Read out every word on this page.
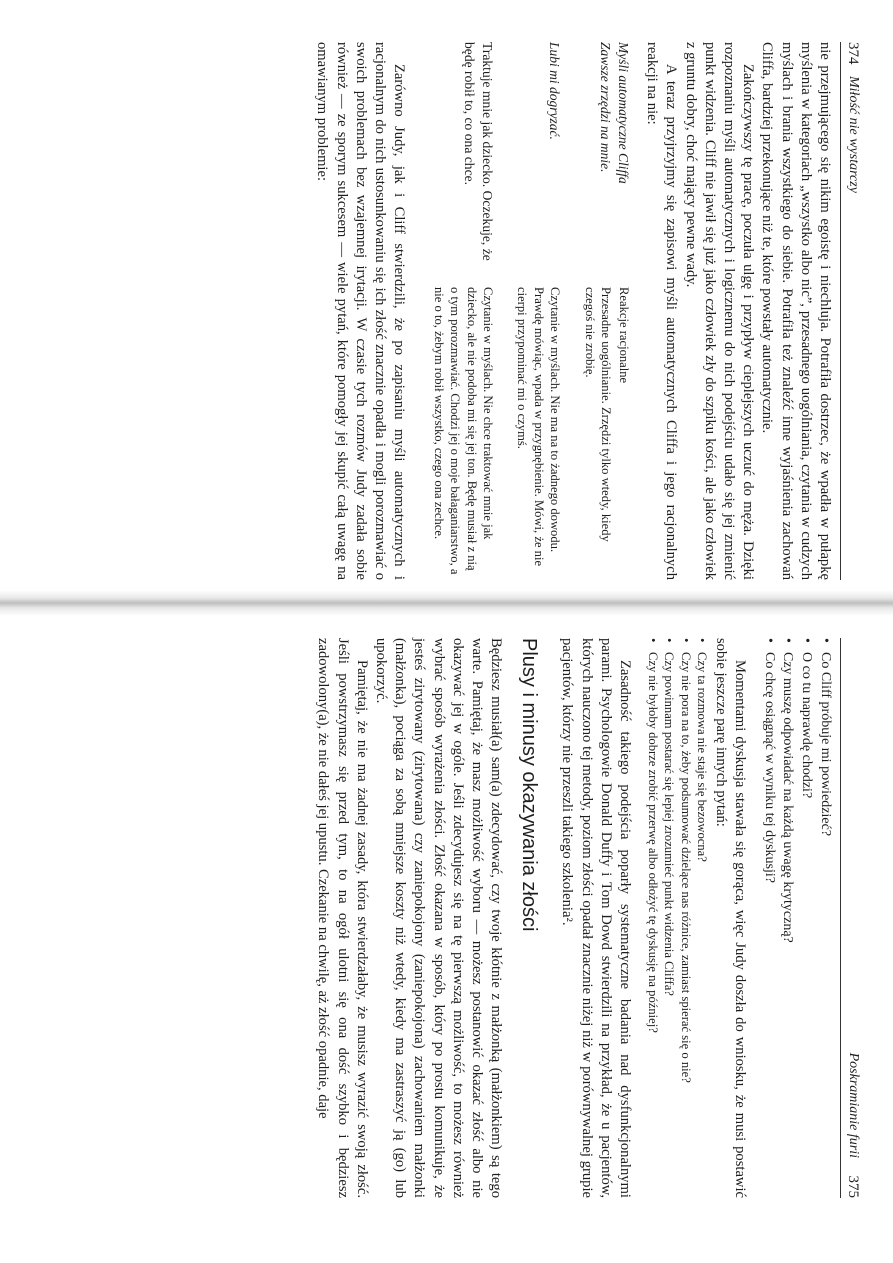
374
Miłość nie wystarczy

nie przejmującego się nikim egoistę i niechluja. Potrafiła dostrzec, że wpadła w pułapkę myślenia w kategoriach „wszystko albo nic”, przesadnego uogólniania, czytania w cudzych myślach i brania wszystkiego do siebie. Potrafiła też znaleźć inne wyjaśnienia zachowań Cliffa, bardziej przekonujące niż te, które powstały automatycznie.

Zakończywszy tę pracę, poczuła ulgę i przypływ cieplejszych uczuć do męża. Dzięki rozpoznaniu myśli automatycznych i logicznemu do nich podejściu udało się jej zmienić punkt widzenia. Cliff nie jawił się już jako człowiek zły do szpiku kości, ale jako człowiek z gruntu dobry, choć mający pewne wady.

A teraz przyjrzyjmy się zapisowi myśli automatycznych Cliffa i jego racjonalnych reakcji na nie:

Myśli automatyczne Cliffa
Reakcje racjonalne
Zawsze zrzędzi na mnie.
Przesadne uogólnianie. Zrzędzi tylko wtedy, kiedy czegoś nie zrobię.
Lubi mi dogryzać.
Czytanie w myślach. Nie ma na to żadnego dowodu. Prawdę mówiąc, wpada w przygnębienie. Mówi, że nie cierpi przypominać mi o czymś.
Traktuje mnie jak dziecko. Oczekuje, że będę robił to, co ona chce.
Czytanie w myślach. Nie chce traktować mnie jak dziecko, ale nie podoba mi się jej ton. Będę musiał z nią o tym porozmawiać. Chodzi jej o moje bałaganiarstwo, a nie o to, żebym robił wszystko, czego ona zechce.

Zarówno Judy, jak i Cliff stwierdzili, że po zapisaniu myśli automatycznych i racjonalnym do nich ustosunkowaniu się ich złość znacznie opadła i mogli porozmawiać o swoich problemach bez wzajemnej irytacji. W czasie tych rozmów Judy zadała sobie również — ze sporym sukcesem — wiele pytań, które pomogły jej skupić całą uwagę na omawianym problemie:

Poskramianie furii
375
• Co Cliff próbuje mi powiedzieć?
• O co tu naprawdę chodzi?
• Czy muszę odpowiadać na każdą uwagę krytyczną?
• Co chcę osiągnąć w wyniku tej dyskusji?

Momentami dyskusja stawała się gorąca, więc Judy doszła do wniosku, że musi postawić sobie jeszcze parę innych pytań:

• Czy ta rozmowa nie staje się bezowocna?
• Czy nie pora na to, żeby podsumować dzielące nas różnice, zamiast spierać się o nie?
• Czy powinnam postarać się lepiej zrozumieć punkt widzenia Cliffa?
• Czy nie byłoby dobrze zrobić przerwę albo odłożyć tę dyskusję na później?

Zasadność takiego podejścia poparły systematyczne badania nad dysfunkcjonalnymi parami. Psychologowie Donald Duffy i Tom Dowd stwierdzili na przykład, że u pacjentów, których nauczono tej metody, poziom złości opadał znacznie niżej niż w porównywalnej grupie pacjentów, którzy nie przeszli takiego szkolenia².

Plusy i minusy okazywania złości

Będziesz musiał(a) sam(a) zdecydować, czy twoje kłótnie z małżonką (małżonkiem) są tego warte. Pamiętaj, że masz możliwość wyboru — możesz postanowić okazać złość albo nie okazywać jej w ogóle. Jeśli zdecydujesz się na tę pierwszą możliwość, to możesz również wybrać sposób wyrażenia złości. Złość okazana w sposób, który po prostu komunikuje, że jesteś zirytowany (zirytowana) czy zaniepokojony (zaniepokojona) zachowaniem małżonki (małżonka), pociąga za sobą mniejsze koszty niż wtedy, kiedy ma zastraszyć ją (go) lub upokorzyć.

Pamiętaj, że nie ma żadnej zasady, która stwierdzałaby, że musisz wyrazić swoją złość. Jeśli powstrzymasz się przed tym, to na ogół ulotni się ona dość szybko i będziesz zadowolony(a), że nie dałeś jej upustu. Czekanie na chwilę, aż złość opadnie, daje
